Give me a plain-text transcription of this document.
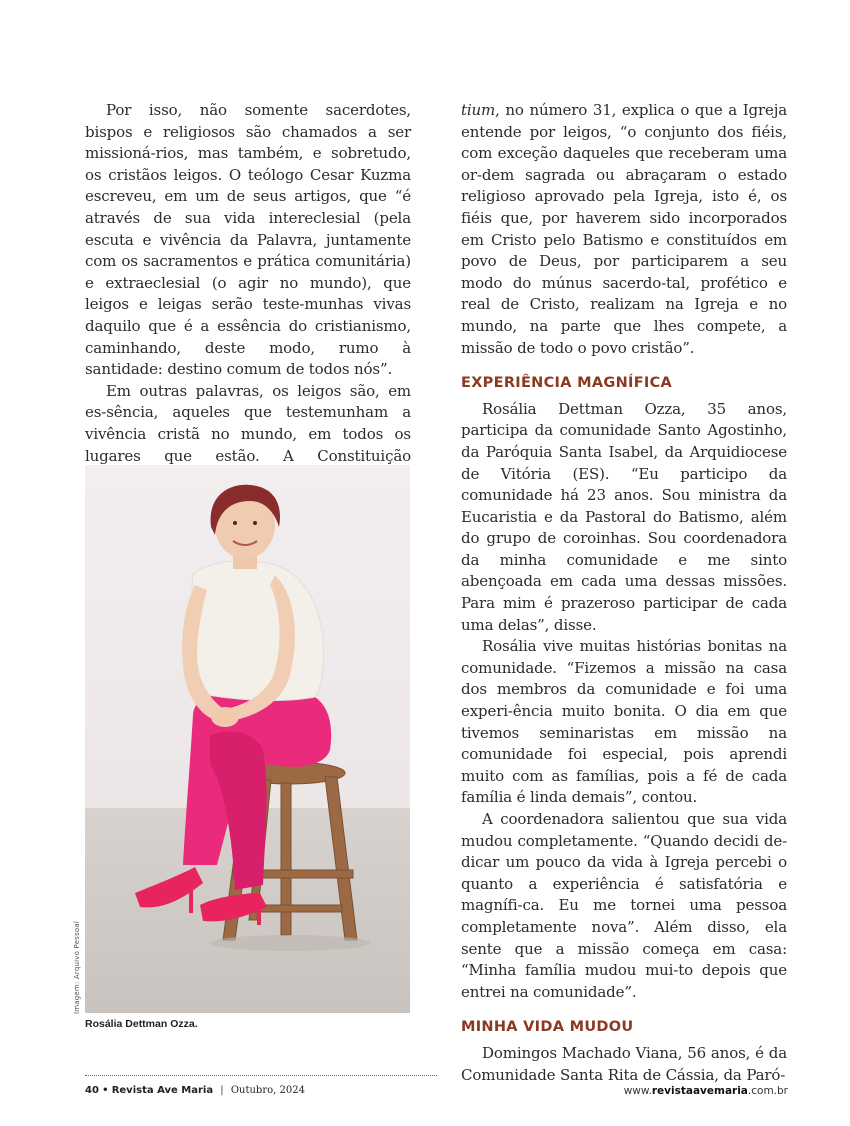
Por isso, não somente sacerdotes, bispos e religiosos são chamados a ser missioná-rios, mas também, e sobretudo, os cristãos leigos. O teólogo Cesar Kuzma escreveu, em um de seus artigos, que “é através de sua vida intereclesial (pela escuta e vivência da Palavra, juntamente com os sacramentos e prática comunitária) e extraeclesial (o agir no mundo), que leigos e leigas serão teste-munhas vivas daquilo que é a essência do cristianismo, caminhando, deste modo, rumo à santidade: destino comum de todos nós”.

Em outras palavras, os leigos são, em es-sência, aqueles que testemunham a vivência cristã no mundo, em todos os lugares que estão. A Constituição

Imagem: Arquivo Pessoal
Rosália Dettman Ozza.

tium, no número 31, explica o que a Igreja entende por leigos, “o conjunto dos fiéis, com exceção daqueles que receberam uma or-dem sagrada ou abraçaram o estado religioso aprovado pela Igreja, isto é, os fiéis que, por haverem sido incorporados em Cristo pelo Batismo e constituídos em povo de Deus, por participarem a seu modo do múnus sacerdo-tal, profético e real de Cristo, realizam na Igreja e no mundo, na parte que lhes compete, a missão de todo o povo cristão”.

EXPERIÊNCIA MAGNÍFICA

Rosália Dettman Ozza, 35 anos, participa da comunidade Santo Agostinho, da Paróquia Santa Isabel, da Arquidiocese de Vitória (ES). “Eu participo da comunidade há 23 anos. Sou ministra da Eucaristia e da Pastoral do Batismo, além do grupo de coroinhas. Sou coordenadora da minha comunidade e me sinto abençoada em cada uma dessas missões. Para mim é prazeroso participar de cada uma delas”, disse.

Rosália vive muitas histórias bonitas na comunidade. “Fizemos a missão na casa dos membros da comunidade e foi uma experi-ência muito bonita. O dia em que tivemos seminaristas em missão na comunidade foi especial, pois aprendi muito com as famílias, pois a fé de cada família é linda demais”, contou.

A coordenadora salientou que sua vida mudou completamente. “Quando decidi de-dicar um pouco da vida à Igreja percebi o quanto a experiência é satisfatória e magnífi-ca. Eu me tornei uma pessoa completamente nova”. Além disso, ela sente que a missão começa em casa: “Minha família mudou mui-to depois que entrei na comunidade”.

MINHA VIDA MUDOU

Domingos Machado Viana, 56 anos, é da Comunidade Santa Rita de Cássia, da Paró-

40 • Revista Ave Maria | Outubro, 2024	www.revistaavemaria.com.br
